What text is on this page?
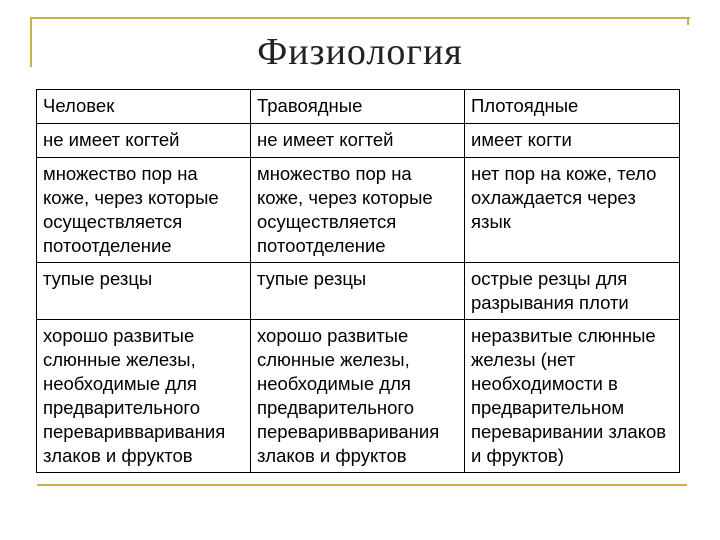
Физиология
Человек	Травоядные	Плотоядные
не имеет когтей	не имеет когтей	имеет когти
множество пор на коже, через которые осуществляется потоотделение	множество пор на коже, через которые осуществляется потоотделение	нет пор на коже, тело охлаждается через язык
тупые резцы	тупые резцы	острые резцы для разрывания плоти
хорошо развитые слюнные железы, необходимые для предварительного переваривваривания злаков и фруктов	хорошо развитые слюнные железы, необходимые для предварительного переваривваривания злаков и фруктов	неразвитые слюнные железы (нет необходимости в предварительном переваривании злаков и фруктов)
